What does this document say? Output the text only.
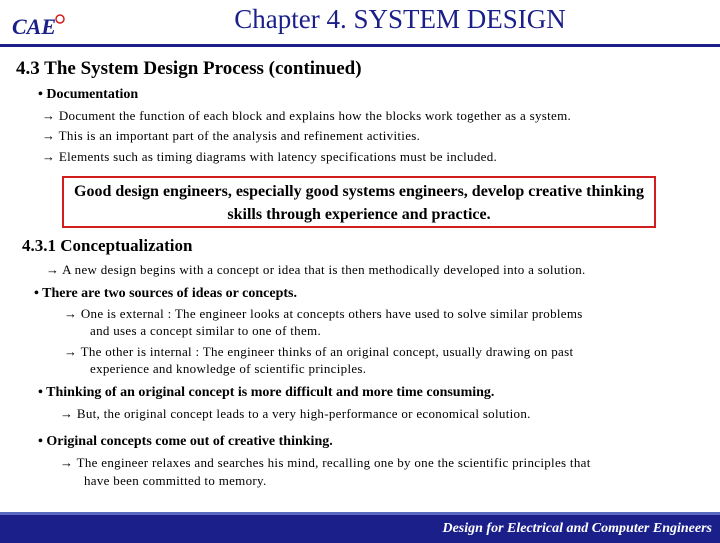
CAE	Chapter 4. SYSTEM DESIGN
4.3 The System Design Process (continued)
• Documentation
→ Document the function of each block and explains how the blocks work together as a system.
→ This is an important part of the analysis and refinement activities.
→ Elements such as timing diagrams with latency specifications must be included.
Good design engineers, especially good systems engineers, develop creative thinking skills through experience and practice.
4.3.1 Conceptualization
→ A new design begins with a concept or idea that is then methodically developed into a solution.
• There are two sources of ideas or concepts.
→ One is external : The engineer looks at concepts others have used to solve similar problems
and uses a concept similar to one of them.
→ The other is internal : The engineer thinks of an original concept, usually drawing on past
experience and knowledge of scientific principles.
• Thinking of an original concept is more difficult and more time consuming.
→ But, the original concept leads to a very high-performance or economical solution.
• Original concepts come out of creative thinking.
→ The engineer relaxes and searches his mind, recalling one by one the scientific principles that
have been committed to memory.
Design for Electrical and Computer Engineers
